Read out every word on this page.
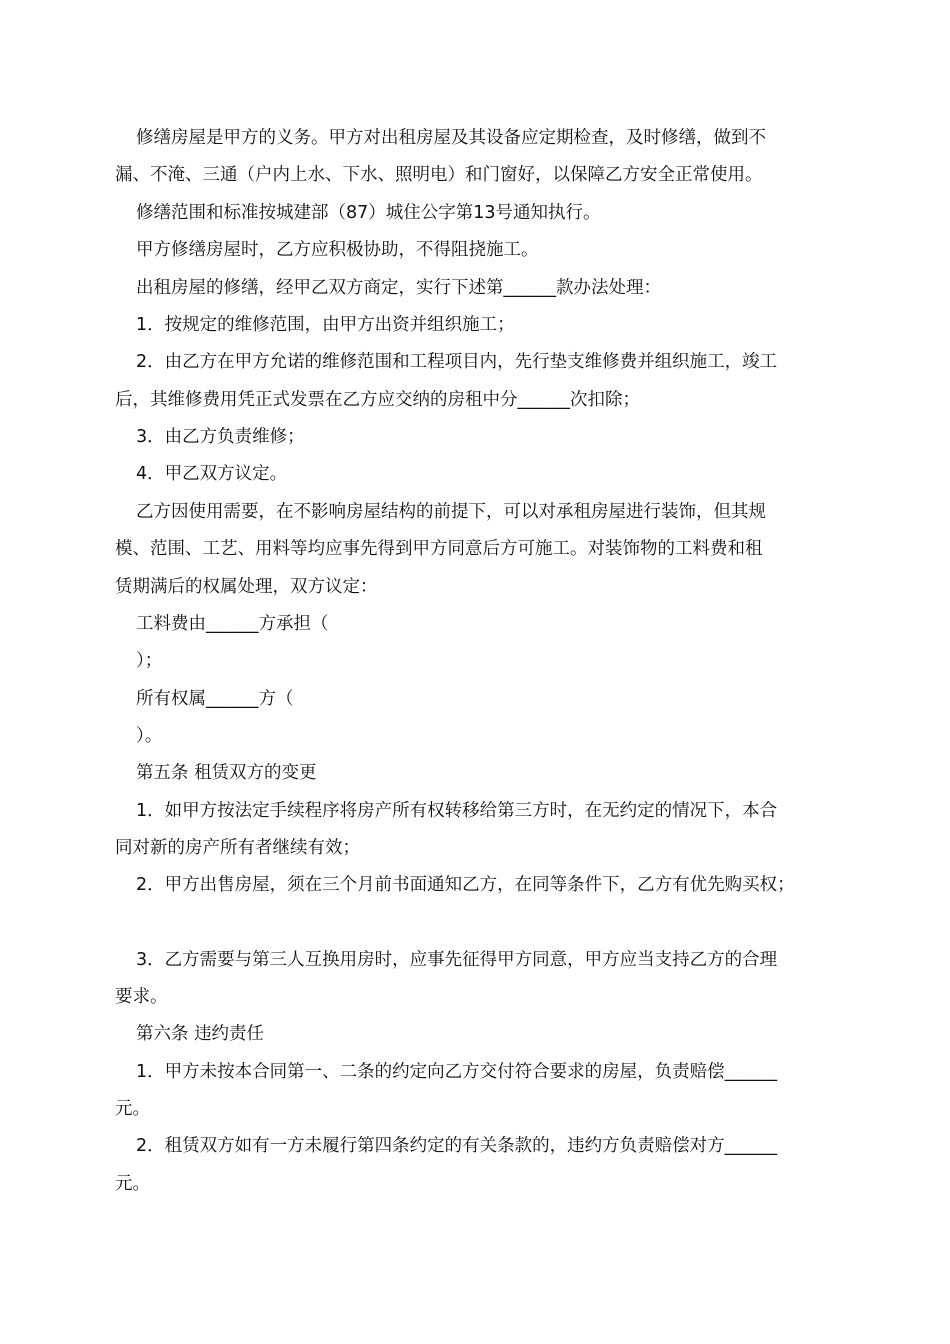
修缮房屋是甲方的义务。甲方对出租房屋及其设备应定期检查，及时修缮，做到不
漏、不淹、三通（户内上水、下水、照明电）和门窗好，以保障乙方安全正常使用。
修缮范围和标准按城建部（87）城住公字第13号通知执行。
甲方修缮房屋时，乙方应积极协助，不得阻挠施工。
出租房屋的修缮，经甲乙双方商定，实行下述第______款办法处理：
1．按规定的维修范围，由甲方出资并组织施工；
2．由乙方在甲方允诺的维修范围和工程项目内，先行垫支维修费并组织施工，竣工
后，其维修费用凭正式发票在乙方应交纳的房租中分______次扣除；
3．由乙方负责维修；
4．甲乙双方议定。
乙方因使用需要，在不影响房屋结构的前提下，可以对承租房屋进行装饰，但其规
模、范围、工艺、用料等均应事先得到甲方同意后方可施工。对装饰物的工料费和租
赁期满后的权属处理，双方议定：
工料费由______方承担（
）；
所有权属______方（
）。
第五条 租赁双方的变更
1．如甲方按法定手续程序将房产所有权转移给第三方时，在无约定的情况下，本合
同对新的房产所有者继续有效；
2．甲方出售房屋，须在三个月前书面通知乙方，在同等条件下，乙方有优先购买权；
3．乙方需要与第三人互换用房时，应事先征得甲方同意，甲方应当支持乙方的合理
要求。
第六条 违约责任
1．甲方未按本合同第一、二条的约定向乙方交付符合要求的房屋，负责赔偿______
元。
2．租赁双方如有一方未履行第四条约定的有关条款的，违约方负责赔偿对方______
元。
